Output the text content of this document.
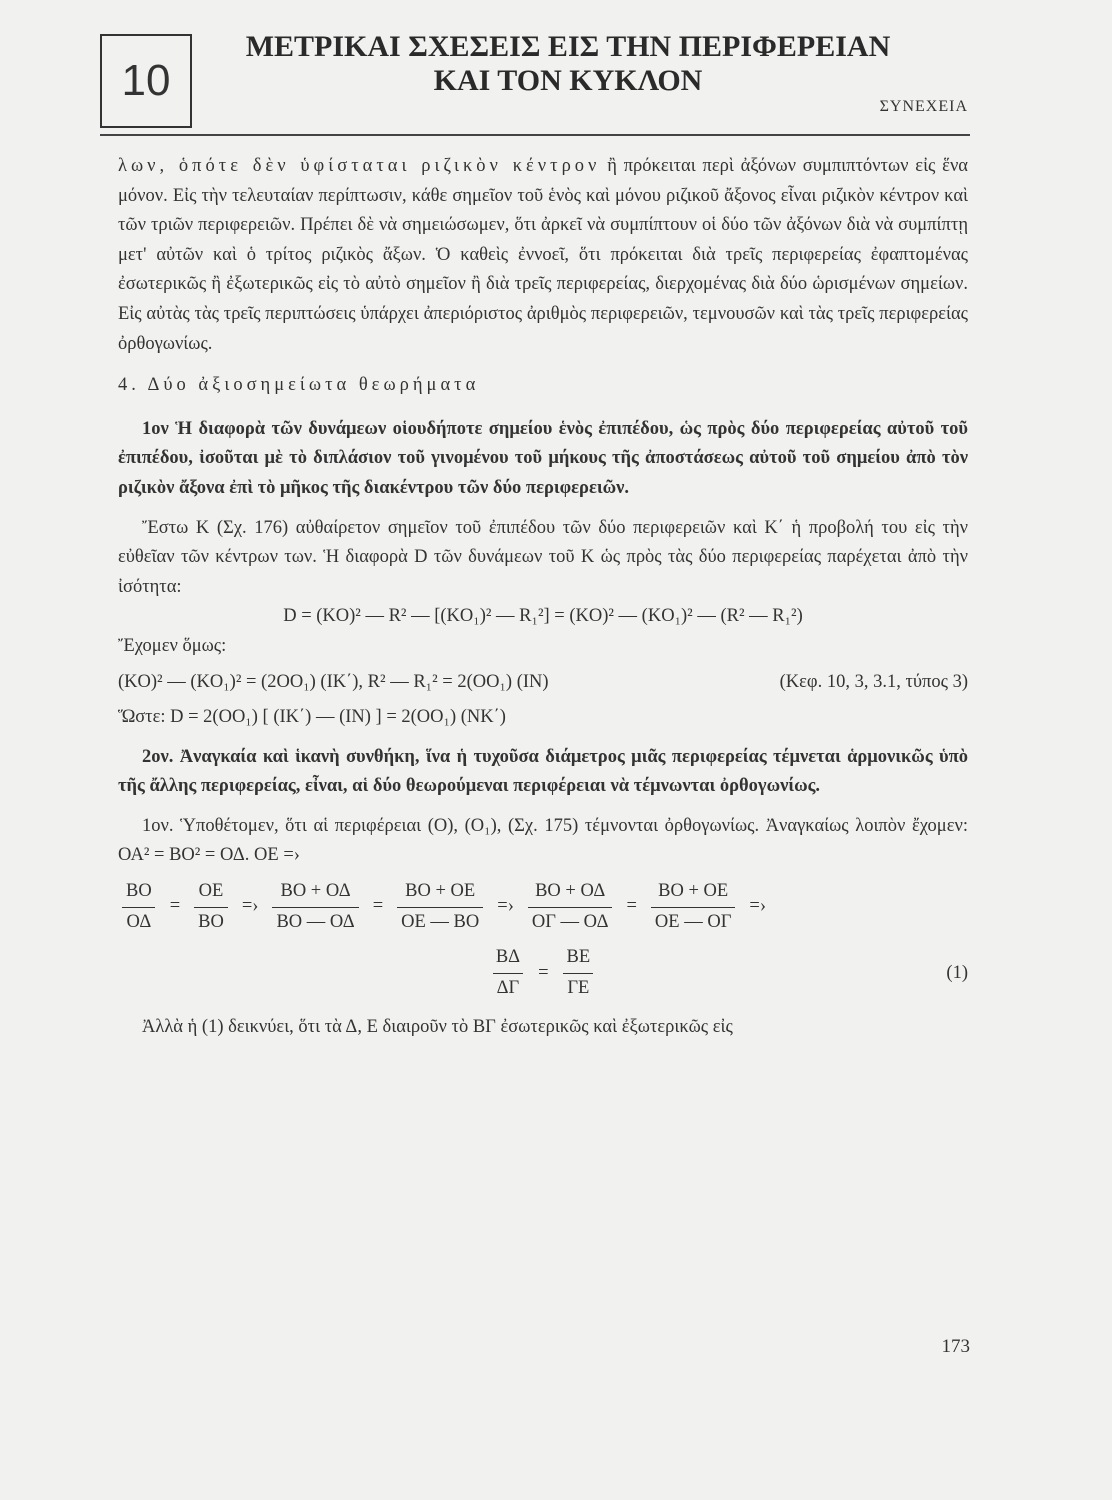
10
ΜΕΤΡΙΚΑΙ ΣΧΕΣΕΙΣ ΕΙΣ ΤΗΝ ΠΕΡΙΦΕΡΕΙΑΝ
ΚΑΙ ΤΟΝ ΚΥΚΛΟΝ
ΣΥΝΕΧΕΙΑ

λων, ὁπότε δὲν ὑφίσταται ριζικὸν κέντρον ἢ πρόκειται περὶ ἀξόνων συμπιπτόντων εἰς ἕνα μόνον. Εἰς τὴν τελευταίαν περίπτωσιν, κάθε σημεῖον τοῦ ἑνὸς καὶ μόνου ριζικοῦ ἄξονος εἶναι ριζικὸν κέντρον καὶ τῶν τριῶν περιφερειῶν. Πρέπει δὲ νὰ σημειώσωμεν, ὅτι ἀρκεῖ νὰ συμπίπτουν οἱ δύο τῶν ἀξόνων διὰ νὰ συμπίπτῃ μετ' αὐτῶν καὶ ὁ τρίτος ριζικὸς ἄξων. Ὁ καθεὶς ἐννοεῖ, ὅτι πρόκειται διὰ τρεῖς περιφερείας ἐφαπτομένας ἐσωτερικῶς ἢ ἐξωτερικῶς εἰς τὸ αὐτὸ σημεῖον ἢ διὰ τρεῖς περιφερείας, διερχομένας διὰ δύο ὡρισμένων σημείων. Εἰς αὐτὰς τὰς τρεῖς περιπτώσεις ὑπάρχει ἀπεριόριστος ἀριθμὸς περιφερειῶν, τεμνουσῶν καὶ τὰς τρεῖς περιφερείας ὀρθογωνίως.

4. Δύο ἀξιοσημείωτα θεωρήματα

1ον Ἡ διαφορὰ τῶν δυνάμεων οἱουδήποτε σημείου ἑνὸς ἐπιπέδου, ὡς πρὸς δύο περιφερείας αὐτοῦ τοῦ ἐπιπέδου, ἰσοῦται μὲ τὸ διπλάσιον τοῦ γινομένου τοῦ μήκους τῆς ἀποστάσεως αὐτοῦ τοῦ σημείου ἀπὸ τὸν ριζικὸν ἄξονα ἐπὶ τὸ μῆκος τῆς διακέντρου τῶν δύο περιφερειῶν.

Ἔστω Κ (Σχ. 176) αὐθαίρετον σημεῖον τοῦ ἐπιπέδου τῶν δύο περιφερειῶν καὶ Κ΄ ἡ προβολή του εἰς τὴν εὐθεῖαν τῶν κέντρων των. Ἡ διαφορὰ D τῶν δυνάμεων τοῦ Κ ὡς πρὸς τὰς δύο περιφερείας παρέχεται ἀπὸ τὴν ἰσότητα:

D = (KO)² — R² — [(KO₁)² — R₁²] = (KO)² — (KO₁)² — (R² — R₁²)

Ἔχομεν ὅμως:

(KO)² — (KO₁)² = (2OO₁) (IK΄), R² — R₁² = 2(OO₁) (IN)	(Κεφ. 10, 3, 3.1, τύπος 3)

Ὥστε: D = 2(OO₁) [ (IK΄) — (IN) ] = 2(OO₁) (NK΄)

2ον. Ἀναγκαία καὶ ἱκανὴ συνθήκη, ἵνα ἡ τυχοῦσα διάμετρος μιᾶς περιφερείας τέμνεται ἁρμονικῶς ὑπὸ τῆς ἄλλης περιφερείας, εἶναι, αἱ δύο θεωρούμεναι περιφέρειαι νὰ τέμνωνται ὀρθογωνίως.

1ον. Ὑποθέτομεν, ὅτι αἱ περιφέρειαι (Ο), (Ο₁), (Σχ. 175) τέμνονται ὀρθογωνίως. Ἀναγκαίως λοιπὸν ἔχομεν: ΟΑ² = ΒΟ² = ΟΔ. ΟΕ =›

$\frac{BO}{O\Delta} = \frac{OE}{BO}$ =› $\frac{BO + O\Delta}{BO — O\Delta} = \frac{BO + OE}{OE — BO}$ =› $\frac{BO + O\Delta}{O\Gamma — O\Delta} = \frac{BO + OE}{OE — O\Gamma}$ =›
$\frac{B\Delta}{\Delta\Gamma} = \frac{BE}{\Gamma E}$	(1)

Ἀλλὰ ἡ (1) δεικνύει, ὅτι τὰ Δ, Ε διαιροῦν τὸ ΒΓ ἐσωτερικῶς καὶ ἐξωτερικῶς εἰς

173
